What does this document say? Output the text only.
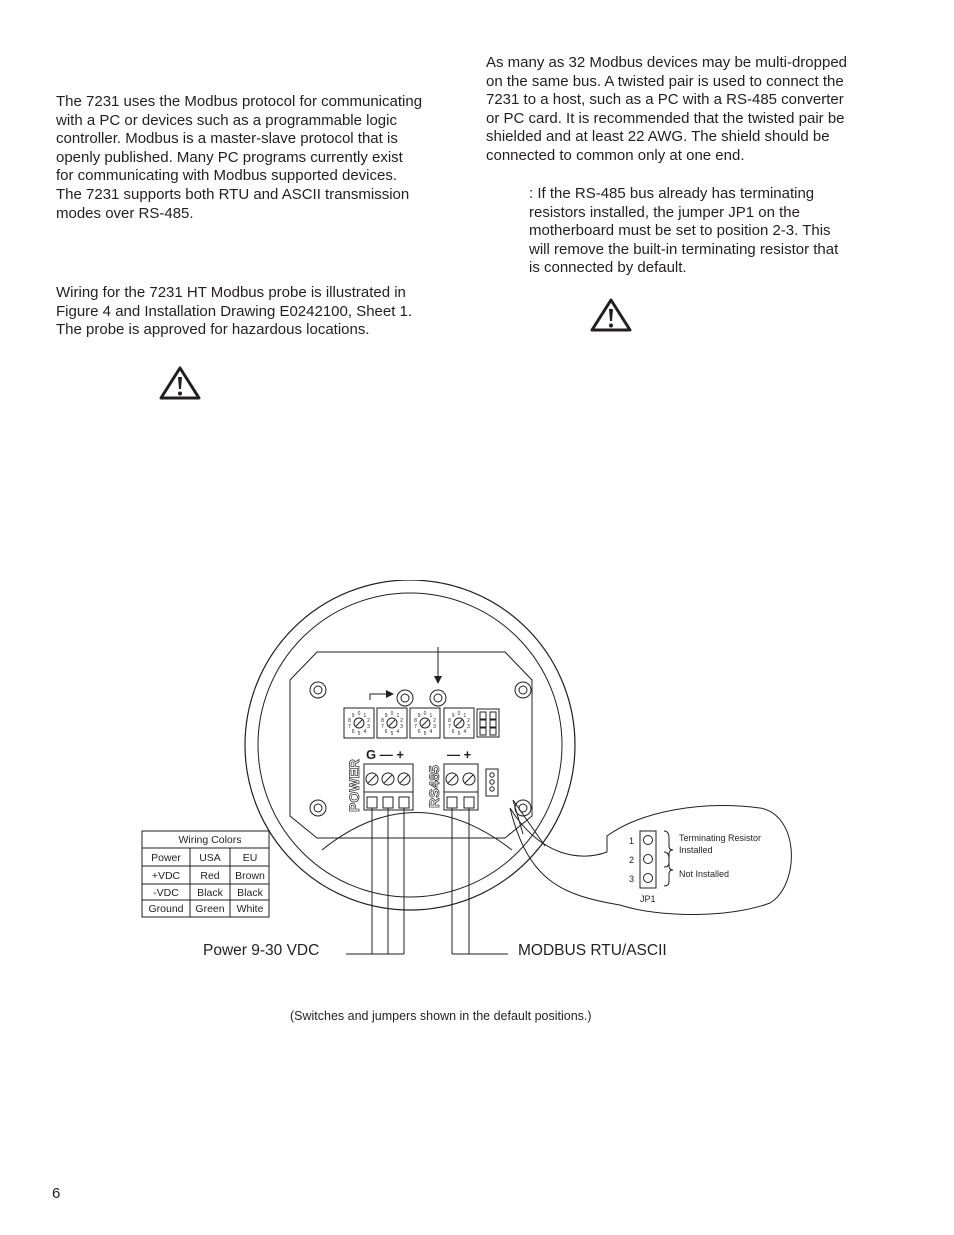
The 7231 uses the Modbus protocol for communicating
with a PC or devices such as a programmable logic
controller. Modbus is a master-slave protocol that is
openly published. Many PC programs currently exist
for communicating with Modbus supported devices.
The 7231 supports both RTU and ASCII transmission
modes over RS-485.

Wiring for the 7231 HT Modbus probe is illustrated in
Figure 4 and Installation Drawing E0242100, Sheet 1.
The probe is approved for hazardous locations.

As many as 32 Modbus devices may be multi-dropped
on the same bus. A twisted pair is used to connect the
7231 to a host, such as a PC with a RS-485 converter
or PC card. It is recommended that the twisted pair be
shielded and at least 22 AWG. The shield should be
connected to common only at one end.

: If the RS-485 bus already has terminating
resistors installed, the jumper JP1 on the
motherboard must be set to position 2-3. This
will remove the built-in terminating resistor that
is connected by default.

0 1
2
3
4
5
6
7
8
9	0 1
2
3
4
5
6
7
8
9	0 1
2
3
4
5
6
7
8
9	0 1
2
3
4
5
6
7
8
9
G — +	— +
POWER	RS485
1
2
3
Terminating Resistor Installed
Not Installed
JP1
Wiring Colors
Power USA EU
+VDC Red Brown
-VDC Black Black
Ground Green White
Power 9-30 VDC	MODBUS RTU/ASCII
(Switches and jumpers shown in the default positions.)
6
